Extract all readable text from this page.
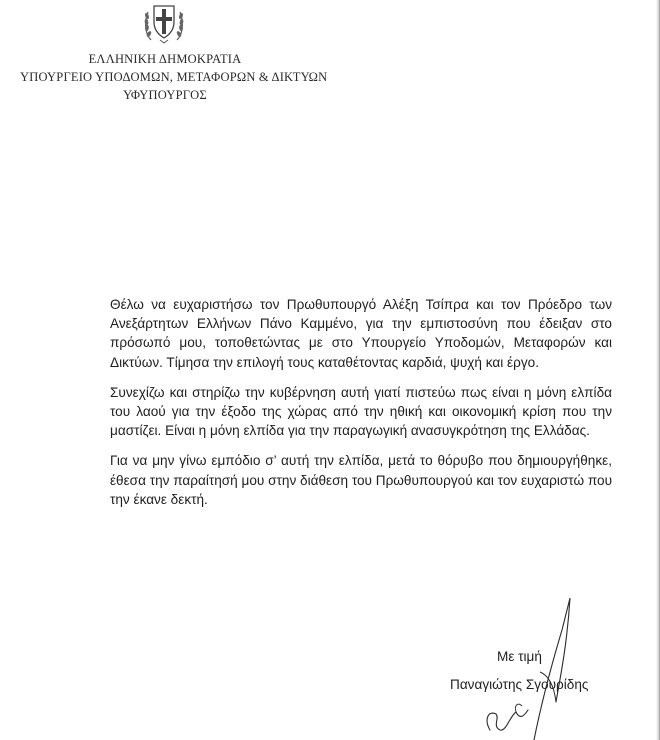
ΕΛΛΗΝΙΚΗ ΔΗΜΟΚΡΑΤΙΑ
ΥΠΟΥΡΓΕΙΟ ΥΠΟΔΟΜΩΝ, ΜΕΤΑΦΟΡΩΝ & ΔΙΚΤΥΩΝ
ΥΦΥΠΟΥΡΓΟΣ

Θέλω να ευχαριστήσω τον Πρωθυπουργό Αλέξη Τσίπρα και τον Πρόεδρο των Ανεξάρτητων Ελλήνων Πάνο Καμμένο, για την εμπιστοσύνη που έδειξαν στο πρόσωπό μου, τοποθετώντας με στο Υπουργείο Υποδομών, Μεταφορών και Δικτύων. Τίμησα την επιλογή τους καταθέτοντας καρδιά, ψυχή και έργο.

Συνεχίζω και στηρίζω την κυβέρνηση αυτή γιατί πιστεύω πως είναι η μόνη ελπίδα του λαού για την έξοδο της χώρας από την ηθική και οικονομική κρίση που την μαστίζει. Είναι η μόνη ελπίδα για την παραγωγική ανασυγκρότηση της Ελλάδας.

Για να μην γίνω εμπόδιο σ’ αυτή την ελπίδα, μετά το θόρυβο που δημιουργήθηκε, έθεσα την παραίτησή μου στην διάθεση του Πρωθυπουργού και τον ευχαριστώ που την έκανε δεκτή.

Με τιμή
Παναγιώτης Σγουρίδης
